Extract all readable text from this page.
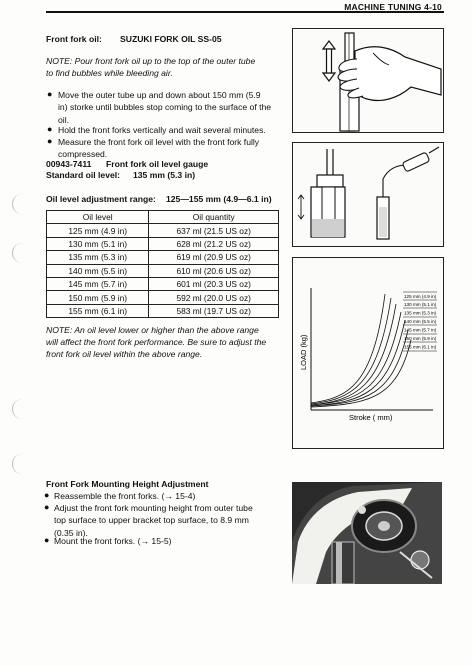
MACHINE TUNING 4-10
Front fork oil: SUZUKI FORK OIL SS-05
NOTE: Pour front fork oil up to the top of the outer tube
to find bubbles while bleeding air.
● Move the outer tube up and down about 150 mm (5.9
in) storke until bubbles stop coming to the surface of the
oil.
● Hold the front forks vertically and wait several minutes.
● Measure the front fork oil level with the front fork fully
compressed.
00943-7411 Front fork oil level gauge
Standard oil level: 135 mm (5.3 in)
Oil level adjustment range: 125—155 mm (4.9—6.1 in)
Oil level	Oil quantity
125 mm (4.9 in)	637 ml (21.5 US oz)
130 mm (5.1 in)	628 ml (21.2 US oz)
135 mm (5.3 in)	619 ml (20.9 US oz)
140 mm (5.5 in)	610 ml (20.6 US oz)
145 mm (5.7 in)	601 ml (20.3 US oz)
150 mm (5.9 in)	592 ml (20.0 US oz)
155 mm (6.1 in)	583 ml (19.7 US oz)
NOTE: An oil level lower or higher than the above range
will affect the front fork performance. Be sure to adjust the
front fork oil level within the above range.
125 mm (4.9 in)
130 mm (5.1 in)
135 mm (5.3 in)
140 mm (5.5 in)
145 mm (5.7 in)
150 mm (5.9 in)
155 mm (6.1 in)
LOAD (kg)
Stroke ( mm)
Front Fork Mounting Height Adjustment
● Reassemble the front forks. (→ 15-4)
● Adjust the front fork mounting height from outer tube
top surface to upper bracket top surface, to 8.9 mm
(0.35 in).
● Mount the front forks. (→ 15-5)
